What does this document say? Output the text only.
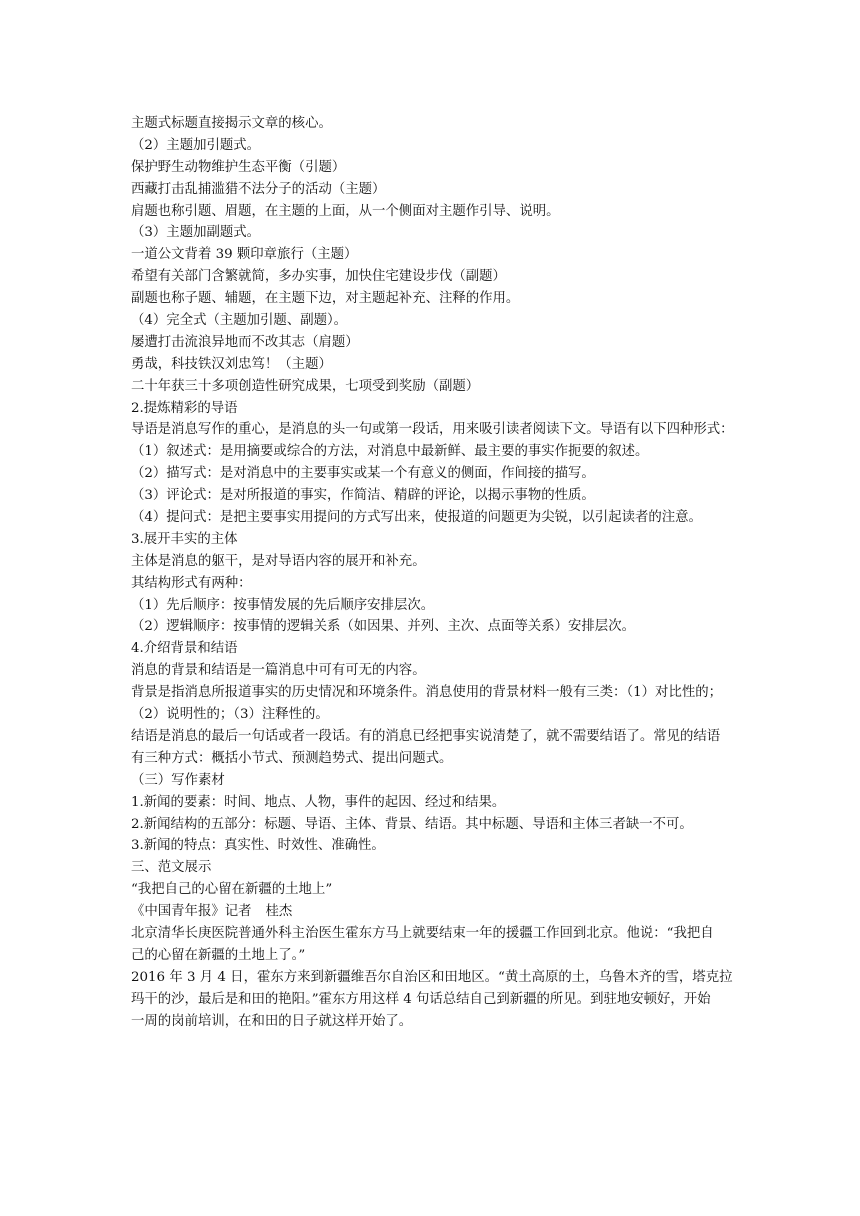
主题式标题直接揭示文章的核心。
（2）主题加引题式。
保护野生动物维护生态平衡（引题）
西藏打击乱捕滥猎不法分子的活动（主题）
肩题也称引题、眉题，在主题的上面，从一个侧面对主题作引导、说明。
（3）主题加副题式。
一道公文背着 39 颗印章旅行（主题）
希望有关部门含繁就简，多办实事，加快住宅建设步伐（副题）
副题也称子题、辅题，在主题下边，对主题起补充、注释的作用。
（4）完全式（主题加引题、副题）。
屡遭打击流浪异地而不改其志（肩题）
勇哉，科技铁汉刘忠笃！（主题）
二十年获三十多项创造性研究成果，七项受到奖励（副题）
2.提炼精彩的导语
导语是消息写作的重心，是消息的头一句或第一段话，用来吸引读者阅读下文。导语有以下四种形式：
（1）叙述式：是用摘要或综合的方法，对消息中最新鲜、最主要的事实作扼要的叙述。
（2）描写式：是对消息中的主要事实或某一个有意义的侧面，作间接的描写。
（3）评论式：是对所报道的事实，作简洁、精辟的评论，以揭示事物的性质。
（4）提问式：是把主要事实用提问的方式写出来，使报道的问题更为尖锐，以引起读者的注意。
3.展开丰实的主体
主体是消息的躯干，是对导语内容的展开和补充。
其结构形式有两种：
（1）先后顺序：按事情发展的先后顺序安排层次。
（2）逻辑顺序：按事情的逻辑关系（如因果、并列、主次、点面等关系）安排层次。
4.介绍背景和结语
消息的背景和结语是一篇消息中可有可无的内容。
背景是指消息所报道事实的历史情况和环境条件。消息使用的背景材料一般有三类：（1）对比性的；
（2）说明性的；（3）注释性的。
结语是消息的最后一句话或者一段话。有的消息已经把事实说清楚了，就不需要结语了。常见的结语
有三种方式：概括小节式、预测趋势式、提出问题式。
（三）写作素材
1.新闻的要素：时间、地点、人物，事件的起因、经过和结果。
2.新闻结构的五部分：标题、导语、主体、背景、结语。其中标题、导语和主体三者缺一不可。
3.新闻的特点：真实性、时效性、准确性。
三、范文展示
“我把自己的心留在新疆的土地上”
《中国青年报》记者 桂杰
北京清华长庚医院普通外科主治医生霍东方马上就要结束一年的援疆工作回到北京。他说：“我把自
己的心留在新疆的土地上了。”
2016 年 3 月 4 日，霍东方来到新疆维吾尔自治区和田地区。“黄土高原的土，乌鲁木齐的雪，塔克拉
玛干的沙，最后是和田的艳阳。”霍东方用这样 4 句话总结自己到新疆的所见。到驻地安顿好，开始
一周的岗前培训，在和田的日子就这样开始了。
